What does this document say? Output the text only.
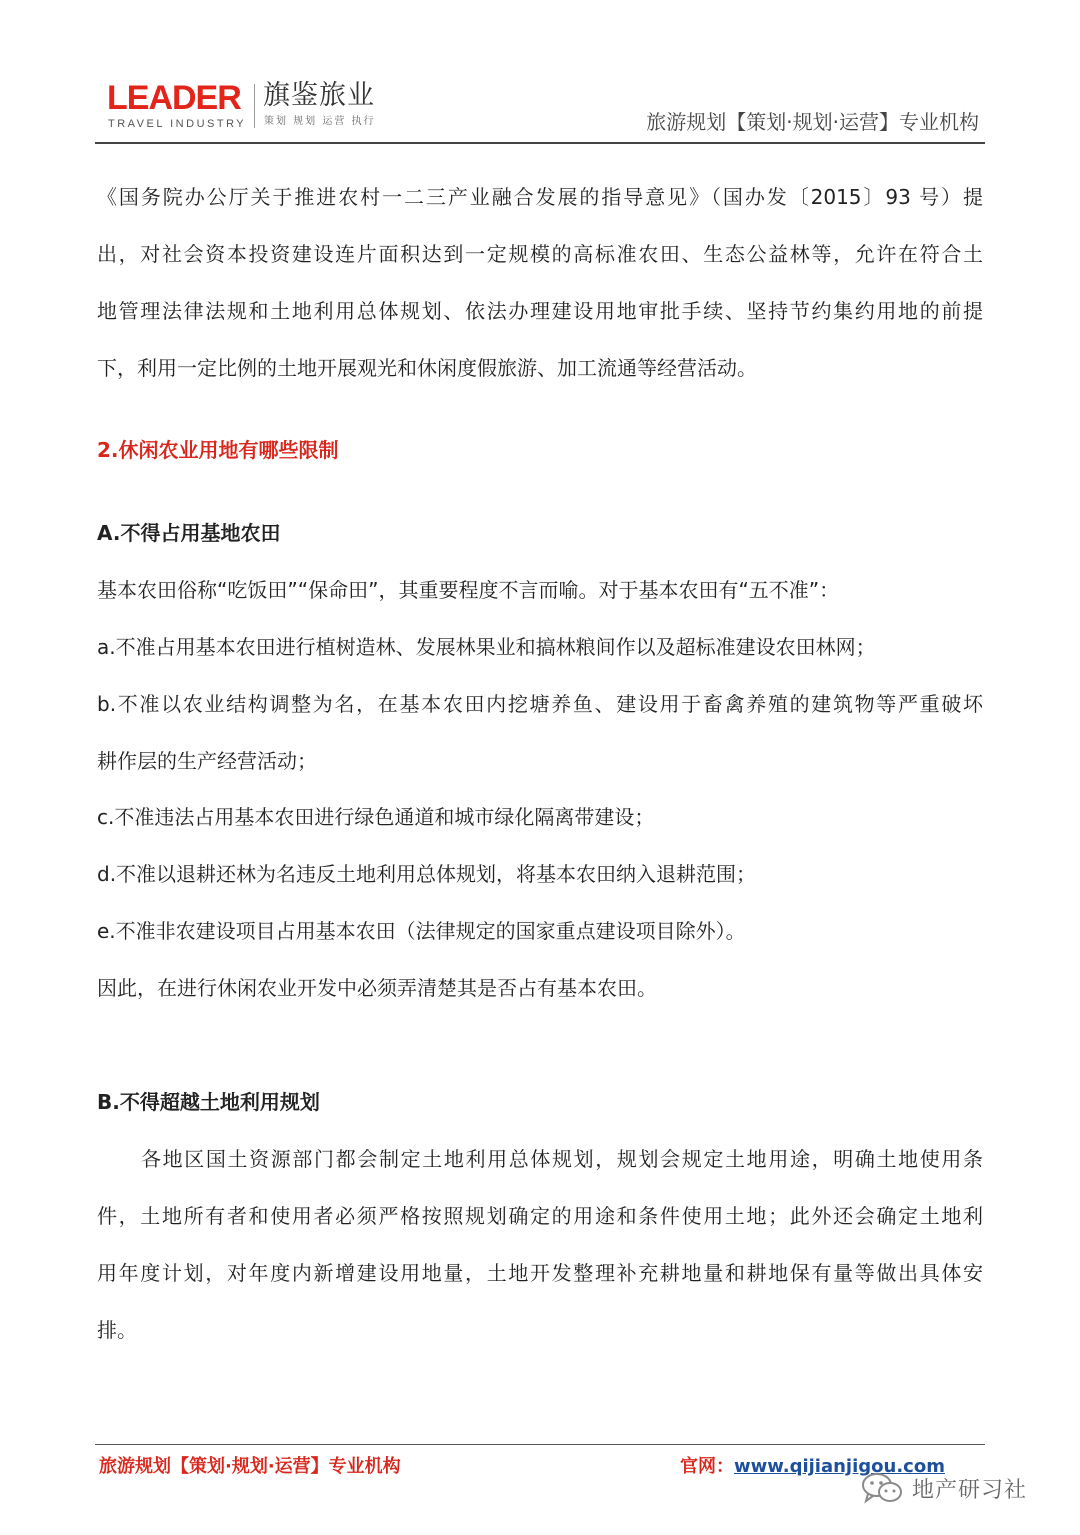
LEADER
TRAVEL INDUSTRY
旗鉴旅业
策划 规划 运营 执行	旅游规划【策划·规划·运营】专业机构
《国务院办公厅关于推进农村一二三产业融合发展的指导意见》（国办发〔2015〕93 号）提
出，对社会资本投资建设连片面积达到一定规模的高标准农田、生态公益林等，允许在符合土
地管理法律法规和土地利用总体规划、依法办理建设用地审批手续、坚持节约集约用地的前提
下，利用一定比例的土地开展观光和休闲度假旅游、加工流通等经营活动。
2.休闲农业用地有哪些限制
A.不得占用基地农田
基本农田俗称“吃饭田”“保命田”，其重要程度不言而喻。对于基本农田有“五不准”：
a.不准占用基本农田进行植树造林、发展林果业和搞林粮间作以及超标准建设农田林网；
b.不准以农业结构调整为名，在基本农田内挖塘养鱼、建设用于畜禽养殖的建筑物等严重破坏
耕作层的生产经营活动；
c.不准违法占用基本农田进行绿色通道和城市绿化隔离带建设；
d.不准以退耕还林为名违反土地利用总体规划，将基本农田纳入退耕范围；
e.不准非农建设项目占用基本农田（法律规定的国家重点建设项目除外）。
因此，在进行休闲农业开发中必须弄清楚其是否占有基本农田。
B.不得超越土地利用规划
各地区国土资源部门都会制定土地利用总体规划，规划会规定土地用途，明确土地使用条
件，土地所有者和使用者必须严格按照规划确定的用途和条件使用土地；此外还会确定土地利
用年度计划，对年度内新增建设用地量，土地开发整理补充耕地量和耕地保有量等做出具体安
排。
旅游规划【策划·规划·运营】专业机构	官网：www.qijianjigou.com
地产研习社
